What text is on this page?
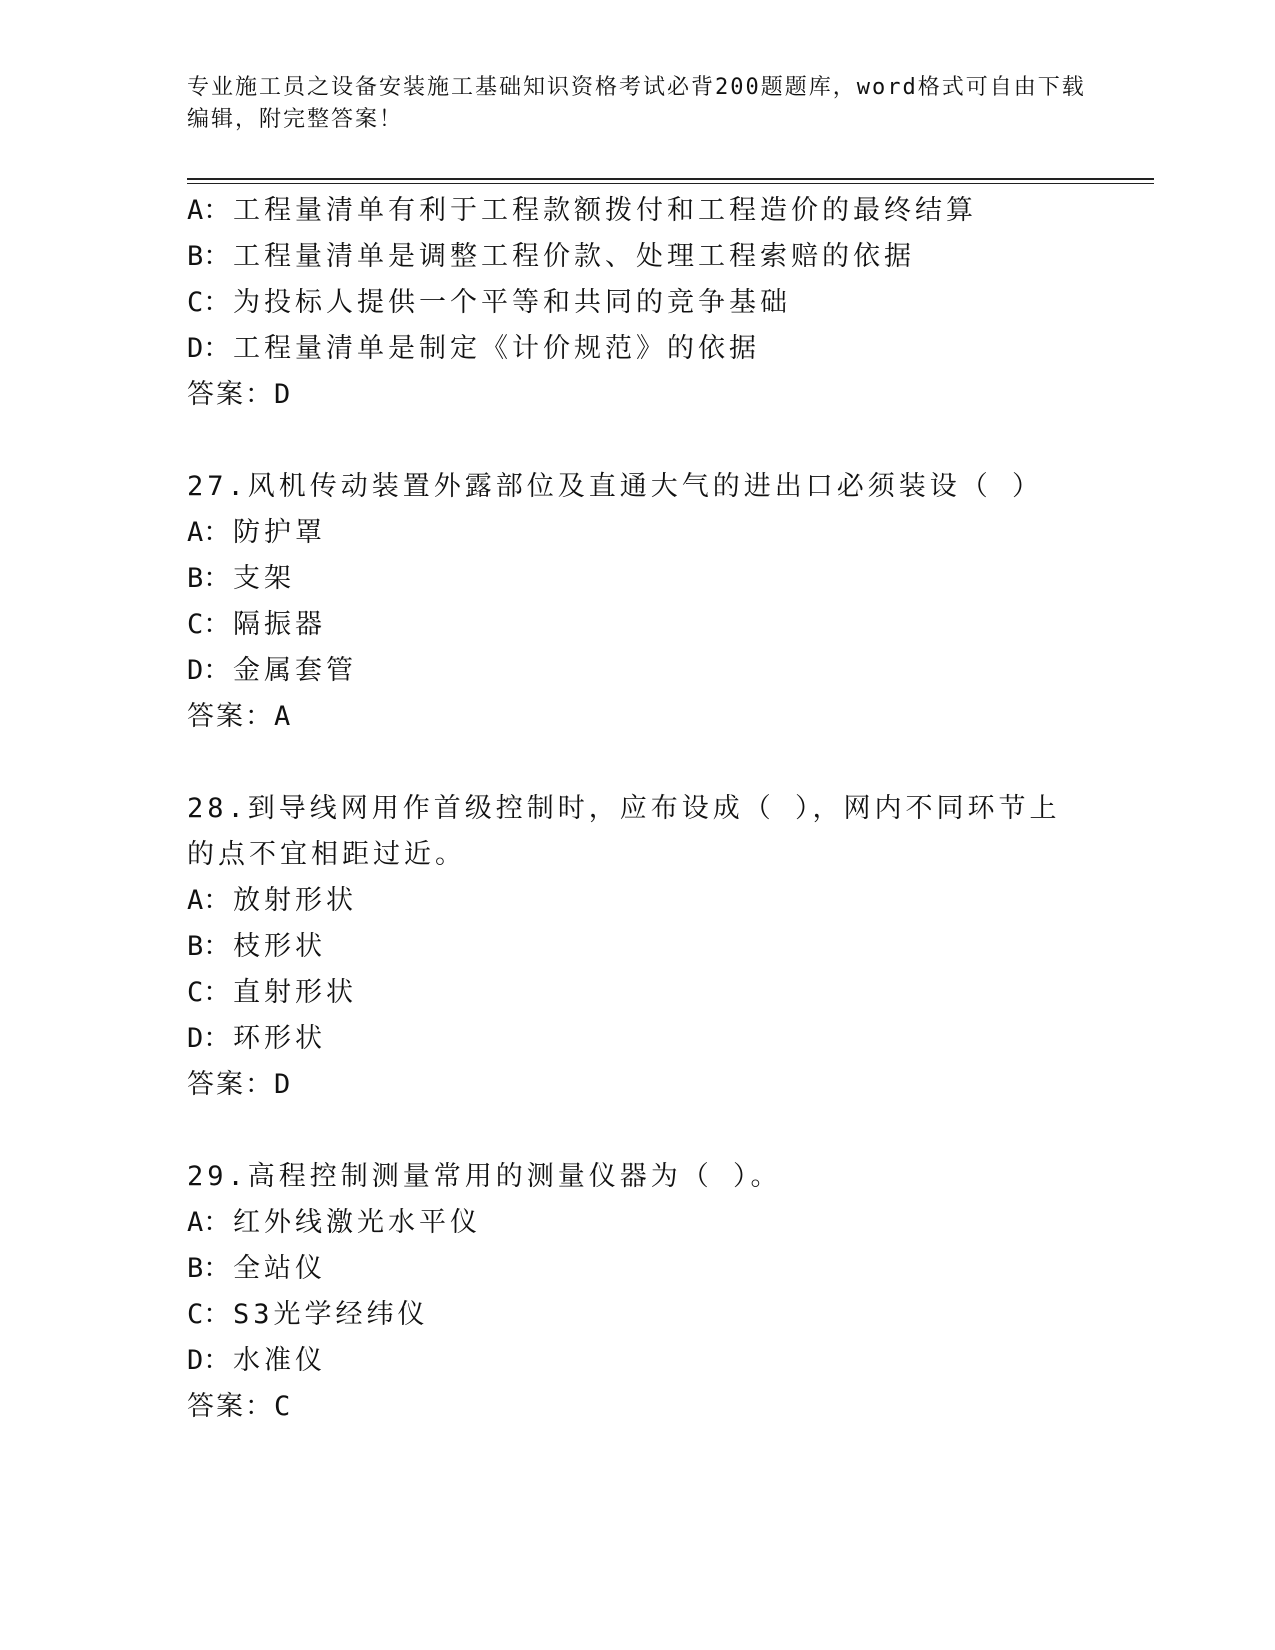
专业施工员之设备安装施工基础知识资格考试必背200题题库，word格式可自由下载编辑，附完整答案！
A： 工程量清单有利于工程款额拨付和工程造价的最终结算
B： 工程量清单是调整工程价款、处理工程索赔的依据
C： 为投标人提供一个平等和共同的竞争基础
D： 工程量清单是制定《计价规范》的依据
答案：D
27.风机传动装置外露部位及直通大气的进出口必须装设（ ）
A： 防护罩
B： 支架
C： 隔振器
D： 金属套管
答案：A
28.到导线网用作首级控制时，应布设成（ ），网内不同环节上的点不宜相距过近。
A： 放射形状
B： 枝形状
C： 直射形状
D： 环形状
答案：D
29.高程控制测量常用的测量仪器为（ ）。
A： 红外线激光水平仪
B： 全站仪
C： S3光学经纬仪
D： 水准仪
答案：C
